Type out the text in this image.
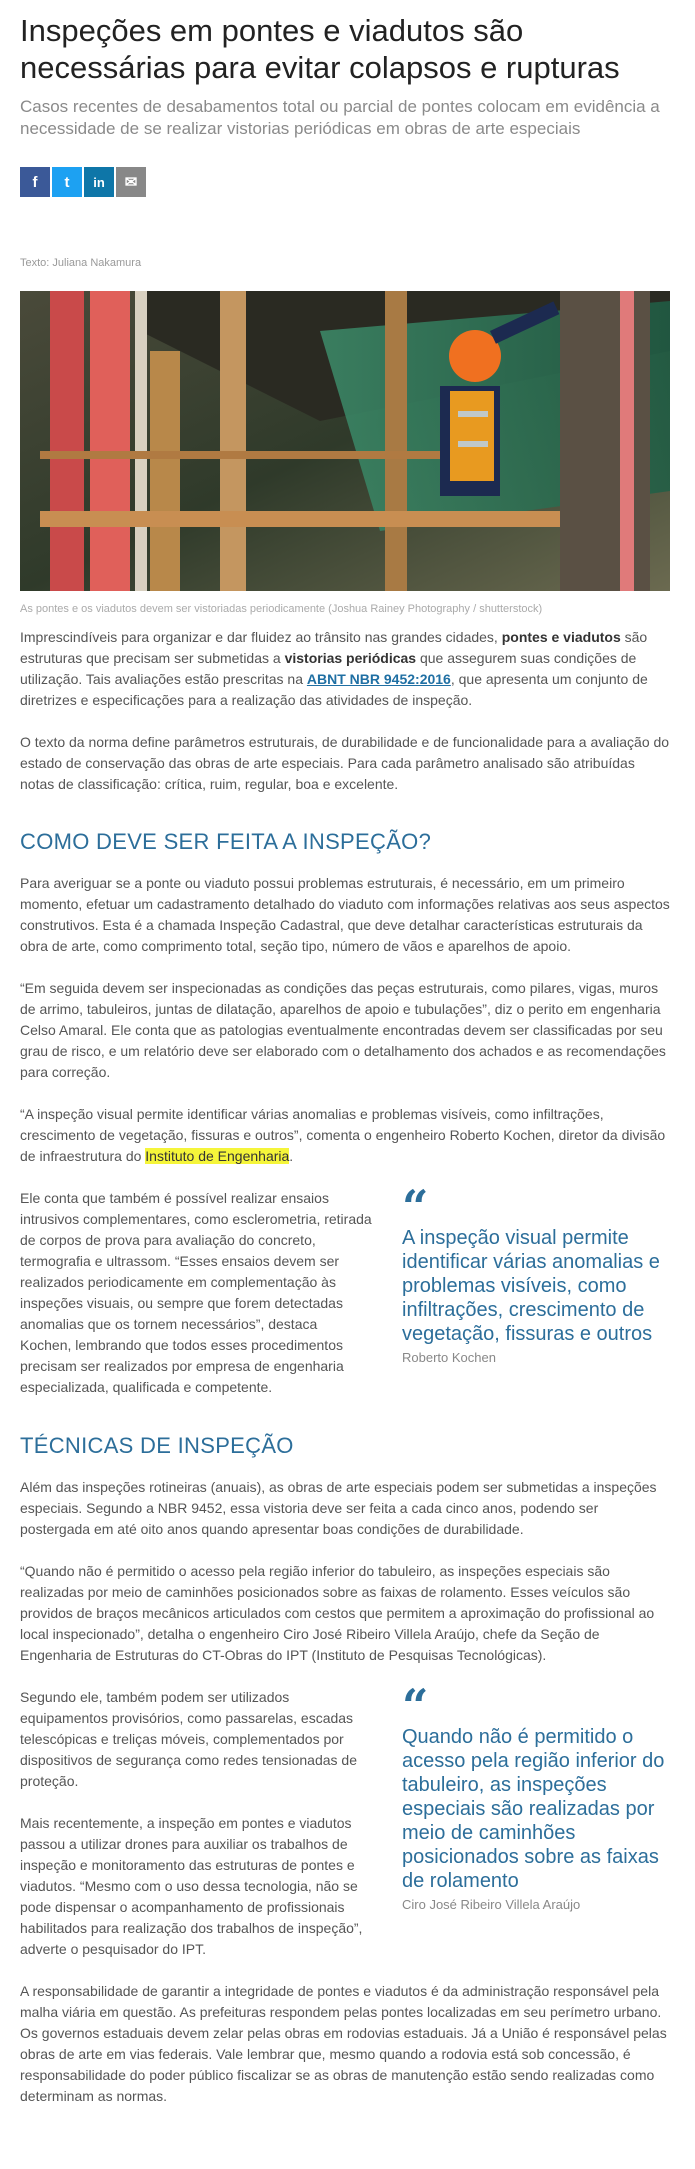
Inspeções em pontes e viadutos são necessárias para evitar colapsos e rupturas
Casos recentes de desabamentos total ou parcial de pontes colocam em evidência a necessidade de se realizar vistorias periódicas em obras de arte especiais
f t in ✉
Texto: Juliana Nakamura
As pontes e os viadutos devem ser vistoriadas periodicamente (Joshua Rainey Photography / shutterstock)

Imprescindíveis para organizar e dar fluidez ao trânsito nas grandes cidades, pontes e viadutos são estruturas que precisam ser submetidas a vistorias periódicas que assegurem suas condições de utilização. Tais avaliações estão prescritas na ABNT NBR 9452:2016, que apresenta um conjunto de diretrizes e especificações para a realização das atividades de inspeção.

O texto da norma define parâmetros estruturais, de durabilidade e de funcionalidade para a avaliação do estado de conservação das obras de arte especiais. Para cada parâmetro analisado são atribuídas notas de classificação: crítica, ruim, regular, boa e excelente.

COMO DEVE SER FEITA A INSPEÇÃO?

Para averiguar se a ponte ou viaduto possui problemas estruturais, é necessário, em um primeiro momento, efetuar um cadastramento detalhado do viaduto com informações relativas aos seus aspectos construtivos. Esta é a chamada Inspeção Cadastral, que deve detalhar características estruturais da obra de arte, como comprimento total, seção tipo, número de vãos e aparelhos de apoio.

“Em seguida devem ser inspecionadas as condições das peças estruturais, como pilares, vigas, muros de arrimo, tabuleiros, juntas de dilatação, aparelhos de apoio e tubulações”, diz o perito em engenharia Celso Amaral. Ele conta que as patologias eventualmente encontradas devem ser classificadas por seu grau de risco, e um relatório deve ser elaborado com o detalhamento dos achados e as recomendações para correção.

“A inspeção visual permite identificar várias anomalias e problemas visíveis, como infiltrações, crescimento de vegetação, fissuras e outros”, comenta o engenheiro Roberto Kochen, diretor da divisão de infraestrutura do Instituto de Engenharia.

Ele conta que também é possível realizar ensaios intrusivos complementares, como esclerometria, retirada de corpos de prova para avaliação do concreto, termografia e ultrassom. “Esses ensaios devem ser realizados periodicamente em complementação às inspeções visuais, ou sempre que forem detectadas anomalias que os tornem necessários”, destaca Kochen, lembrando que todos esses procedimentos precisam ser realizados por empresa de engenharia especializada, qualificada e competente.

“
A inspeção visual permite identificar várias anomalias e problemas visíveis, como infiltrações, crescimento de vegetação, fissuras e outros
Roberto Kochen
TÉCNICAS DE INSPEÇÃO

Além das inspeções rotineiras (anuais), as obras de arte especiais podem ser submetidas a inspeções especiais. Segundo a NBR 9452, essa vistoria deve ser feita a cada cinco anos, podendo ser postergada em até oito anos quando apresentar boas condições de durabilidade.

“Quando não é permitido o acesso pela região inferior do tabuleiro, as inspeções especiais são realizadas por meio de caminhões posicionados sobre as faixas de rolamento. Esses veículos são providos de braços mecânicos articulados com cestos que permitem a aproximação do profissional ao local inspecionado”, detalha o engenheiro Ciro José Ribeiro Villela Araújo, chefe da Seção de Engenharia de Estruturas do CT-Obras do IPT (Instituto de Pesquisas Tecnológicas).

Segundo ele, também podem ser utilizados equipamentos provisórios, como passarelas, escadas telescópicas e treliças móveis, complementados por dispositivos de segurança como redes tensionadas de proteção.

Mais recentemente, a inspeção em pontes e viadutos passou a utilizar drones para auxiliar os trabalhos de inspeção e monitoramento das estruturas de pontes e viadutos. “Mesmo com o uso dessa tecnologia, não se pode dispensar o acompanhamento de profissionais habilitados para realização dos trabalhos de inspeção”, adverte o pesquisador do IPT.

“
Quando não é permitido o acesso pela região inferior do tabuleiro, as inspeções especiais são realizadas por meio de caminhões posicionados sobre as faixas de rolamento
Ciro José Ribeiro Villela Araújo

A responsabilidade de garantir a integridade de pontes e viadutos é da administração responsável pela malha viária em questão. As prefeituras respondem pelas pontes localizadas em seu perímetro urbano. Os governos estaduais devem zelar pelas obras em rodovias estaduais. Já a União é responsável pelas obras de arte em vias federais. Vale lembrar que, mesmo quando a rodovia está sob concessão, é responsabilidade do poder público fiscalizar se as obras de manutenção estão sendo realizadas como determinam as normas.
